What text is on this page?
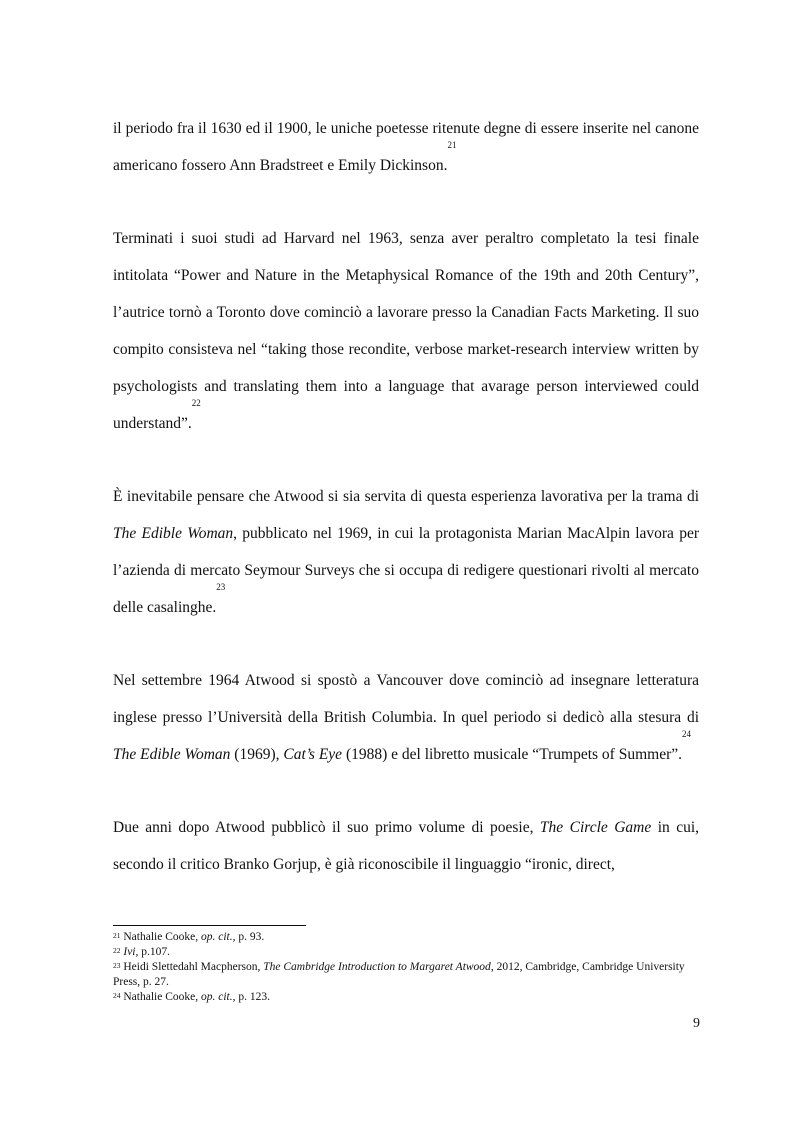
il periodo fra il 1630 ed il 1900, le uniche poetesse ritenute degne di essere inserite nel canone americano fossero Ann Bradstreet e Emily Dickinson.$^{21}$

Terminati i suoi studi ad Harvard nel 1963, senza aver peraltro completato la tesi finale intitolata “Power and Nature in the Metaphysical Romance of the 19th and 20th Century”, l’autrice tornò a Toronto dove cominciò a lavorare presso la Canadian Facts Marketing. Il suo compito consisteva nel “taking those recondite, verbose market-research interview written by psychologists and translating them into a language that avarage person interviewed could understand”.$^{22}$

È inevitabile pensare che Atwood si sia servita di questa esperienza lavorativa per la trama di The Edible Woman, pubblicato nel 1969, in cui la protagonista Marian MacAlpin lavora per l’azienda di mercato Seymour Surveys che si occupa di redigere questionari rivolti al mercato delle casalinghe.$^{23}$

Nel settembre 1964 Atwood si spostò a Vancouver dove cominciò ad insegnare letteratura inglese presso l’Università della British Columbia. In quel periodo si dedicò alla stesura di The Edible Woman (1969), Cat’s Eye (1988) e del libretto musicale “Trumpets of Summer”.$^{24}$

Due anni dopo Atwood pubblicò il suo primo volume di poesie, The Circle Game in cui, secondo il critico Branko Gorjup, è già riconoscibile il linguaggio “ironic, direct,

$^{21}$ Nathalie Cooke, op. cit., p. 93.

$^{22}$ Ivi, p.107.

$^{23}$ Heidi Slettedahl Macpherson, The Cambridge Introduction to Margaret Atwood, 2012, Cambridge, Cambridge University Press, p. 27.

$^{24}$ Nathalie Cooke, op. cit., p. 123.

9
